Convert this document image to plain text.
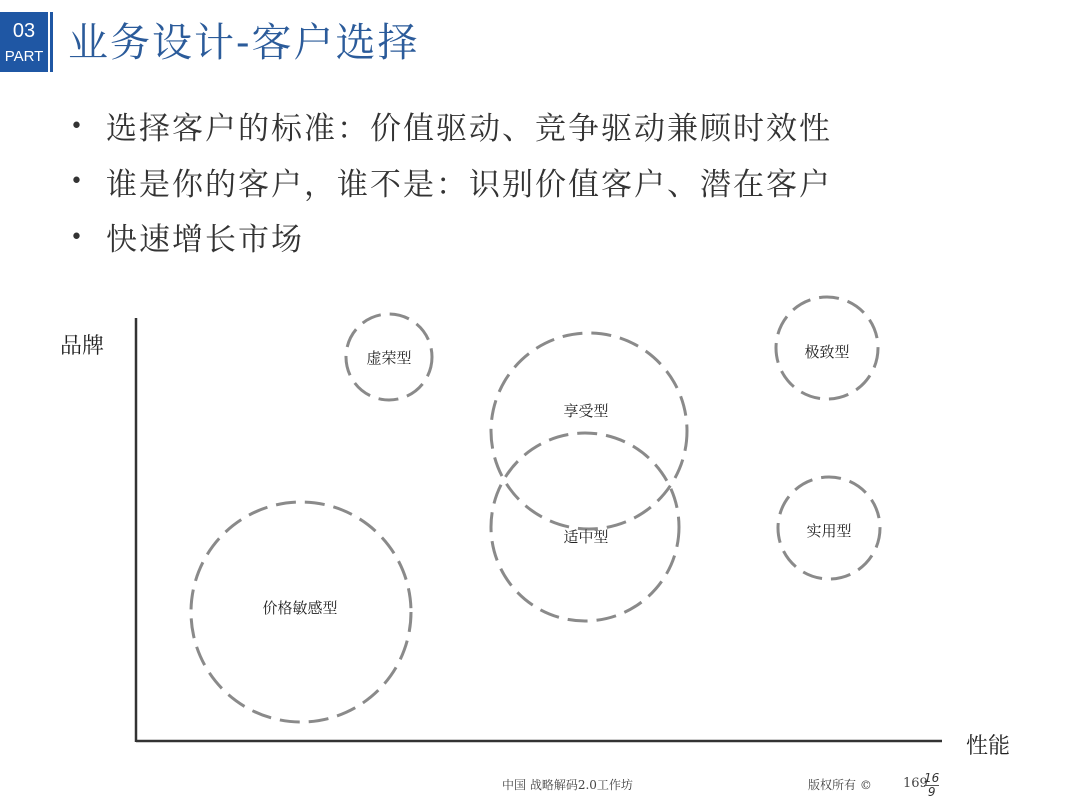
03
PART 业务设计-客户选择
• 选择客户的标准：价值驱动、竞争驱动兼顾时效性
• 谁是你的客户，谁不是：识别价值客户、潜在客户
• 快速增长市场
虚荣型
享受型
适中型
价格敏感型
极致型
实用型
品牌
性能
中国 战略解码2.0工作坊	版权所有 © 169
$\frac{16}{9}$
